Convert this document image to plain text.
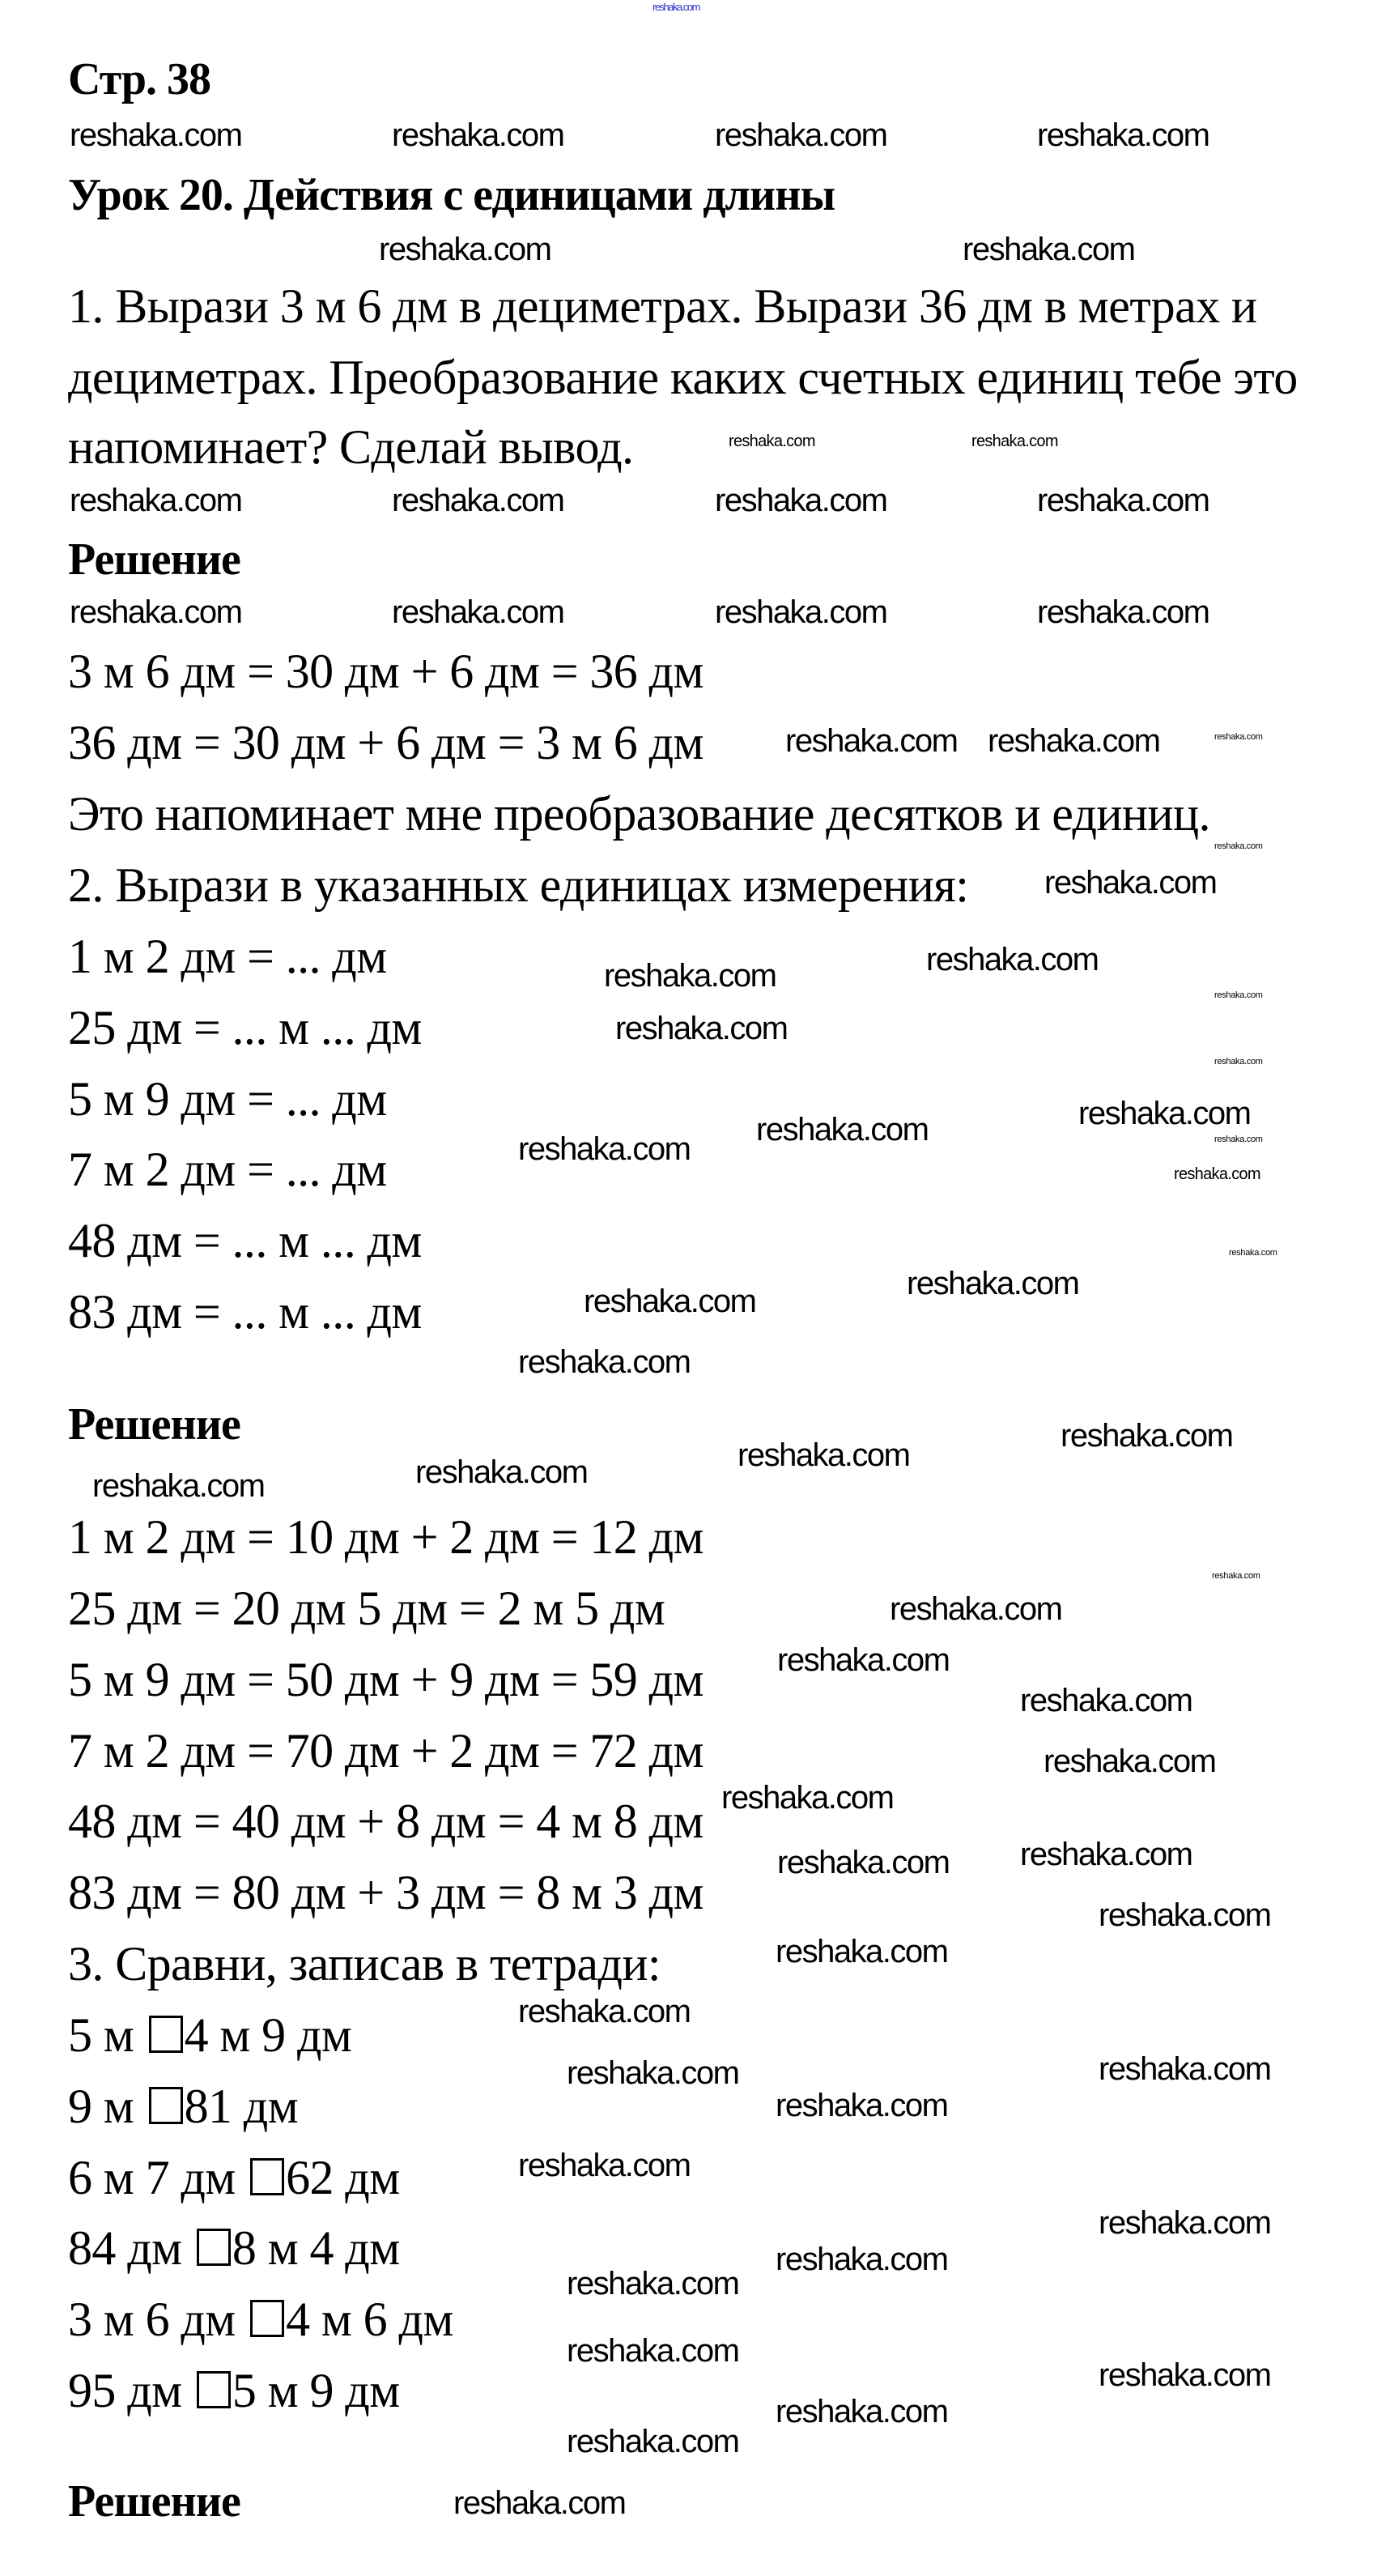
Стр. 38
Урок 20. Действия с единицами длины
1. Вырази 3 м 6 дм в дециметрах. Вырази 36 дм в метрах и
дециметрах. Преобразование каких счетных единиц тебе это
напоминает? Сделай вывод.
Решение
3 м 6 дм = 30 дм + 6 дм = 36 дм
36 дм = 30 дм + 6 дм = 3 м 6 дм
Это напоминает мне преобразование десятков и единиц.
2. Вырази в указанных единицах измерения:
1 м 2 дм = ... дм
25 дм = ... м ... дм
5 м 9 дм = ... дм
7 м 2 дм = ... дм
48 дм = ... м ... дм
83 дм = ... м ... дм
Решение
1 м 2 дм = 10 дм + 2 дм = 12 дм
25 дм = 20 дм 5 дм = 2 м 5 дм
5 м 9 дм = 50 дм + 9 дм = 59 дм
7 м 2 дм = 70 дм + 2 дм = 72 дм
48 дм = 40 дм + 8 дм = 4 м 8 дм
83 дм = 80 дм + 3 дм = 8 м 3 дм
3. Сравни, записав в тетради:
5 м 4 м 9 дм
9 м 81 дм
6 м 7 дм 62 дм
84 дм 8 м 4 дм
3 м 6 дм 4 м 6 дм
95 дм 5 м 9 дм
Решение
reshaka.com
reshaka.com	reshaka.com	reshaka.com	reshaka.com
reshaka.com	reshaka.com
reshaka.com	reshaka.com
reshaka.com	reshaka.com	reshaka.com	reshaka.com
reshaka.com	reshaka.com	reshaka.com	reshaka.com
reshaka.com	reshaka.com
reshaka.com
reshaka.com
reshaka.com
reshaka.com	reshaka.com
reshaka.com
reshaka.com
reshaka.com
reshaka.com
reshaka.com
reshaka.com
reshaka.com	reshaka.com
reshaka.com
reshaka.com
reshaka.com
reshaka.com
reshaka.com
reshaka.com
reshaka.com
reshaka.com
reshaka.com
reshaka.com
reshaka.com
reshaka.com
reshaka.com
reshaka.com
reshaka.com reshaka.com
reshaka.com
reshaka.com
reshaka.com
reshaka.com	reshaka.com
reshaka.com
reshaka.com
reshaka.com
reshaka.com
reshaka.com
reshaka.com
reshaka.com
reshaka.com
reshaka.com
reshaka.com
